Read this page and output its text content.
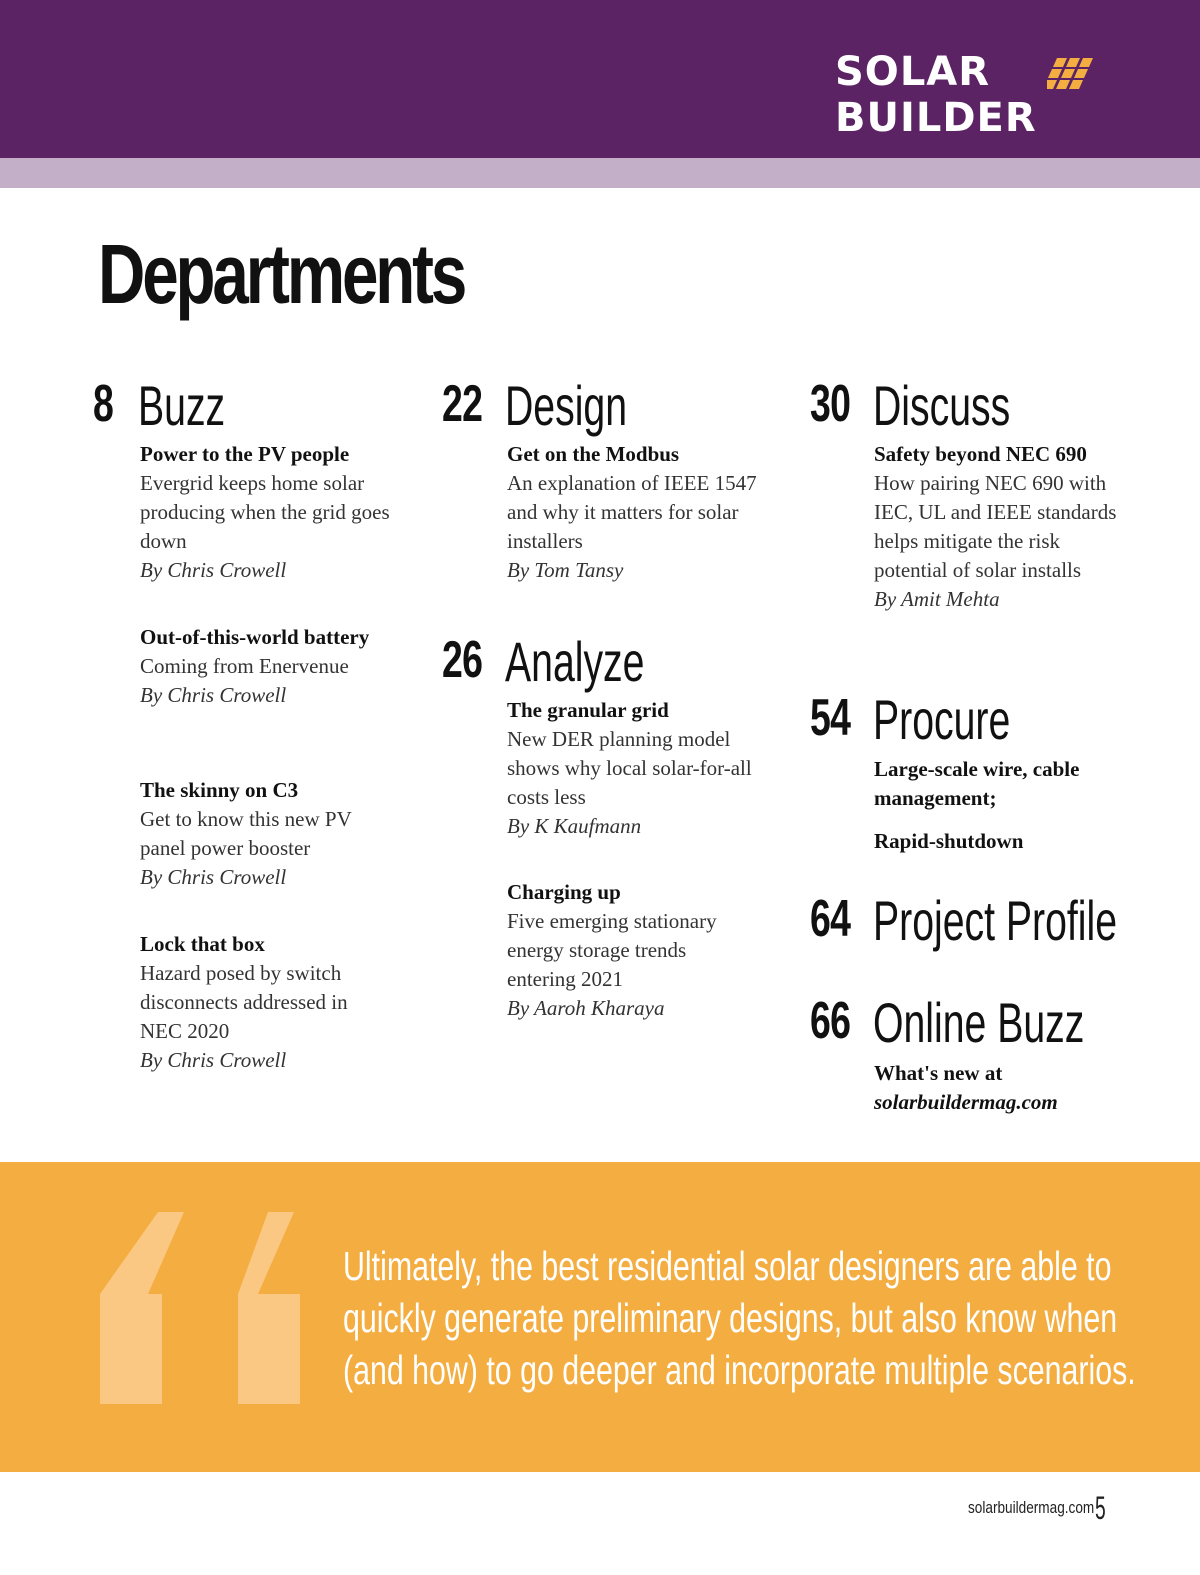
SOLAR
BUILDER
Departments
8 Buzz
Power to the PV people
Evergrid keeps home solar producing when the grid goes down
By Chris Crowell
Out-of-this-world battery
Coming from Enervenue
By Chris Crowell
The skinny on C3
Get to know this new PV panel power booster
By Chris Crowell
Lock that box
Hazard posed by switch disconnects addressed in NEC 2020
By Chris Crowell
22 Design
Get on the Modbus
An explanation of IEEE 1547 and why it matters for solar installers
By Tom Tansy
26 Analyze
The granular grid
New DER planning model shows why local solar-for-all costs less
By K Kaufmann
Charging up
Five emerging stationary energy storage trends entering 2021
By Aaroh Kharaya
30 Discuss
Safety beyond NEC 690
How pairing NEC 690 with IEC, UL and IEEE standards helps mitigate the risk potential of solar installs
By Amit Mehta
54 Procure
Large-scale wire, cable management;
Rapid-shutdown
64 Project Profile
66 Online Buzz
What's new at
solarbuildermag.com
Ultimately, the best residential solar designers are able to
quickly generate preliminary designs, but also know when
(and how) to go deeper and incorporate multiple scenarios.
solarbuildermag.com 5
